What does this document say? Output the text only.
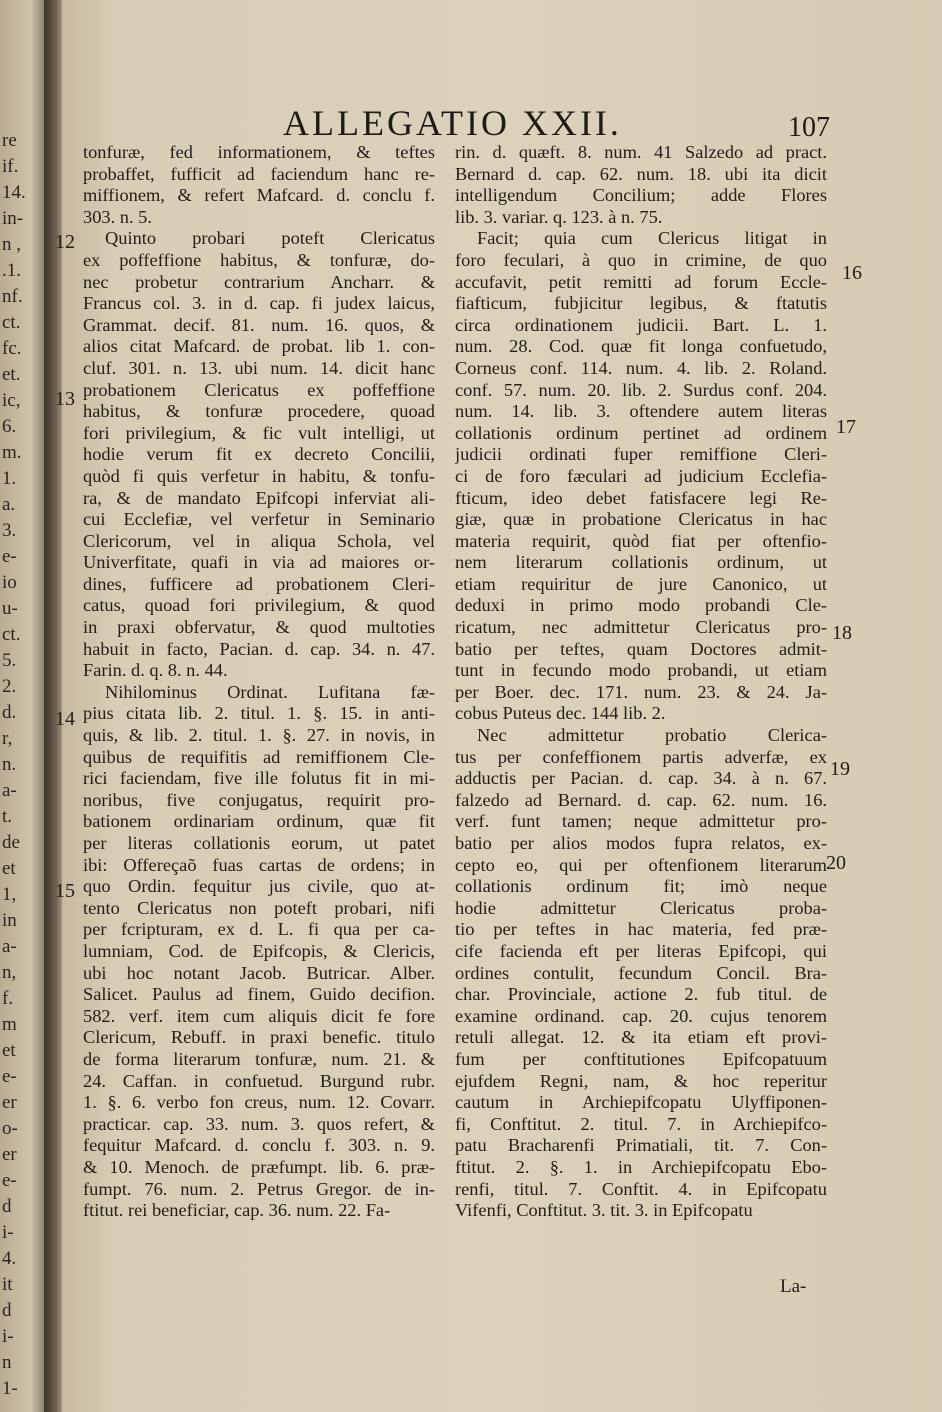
re
if.
14.
in-
n ,
.1.
nf.
ct.
fc.
et.
ic,
6.
m.
1.
a.
3.
e-
io
u-
ct.
5.
2.
d.
r,
n.
a-
t.
de
et
1,
in
a-
n,
f.
m
et
e-
er
o-
er
e-
d
i-
4.
it
d
i-
n
1-
ALLEGATIO XXII.	107
tonfuræ, fed informationem, & teftes
probaffet, fufficit ad faciendum hanc re-
miffionem, & refert Mafcard. d. conclu f.
303. n. 5.
Quinto probari poteft Clericatus
ex poffeffione habitus, & tonfuræ, do-
nec probetur contrarium Ancharr. &
Francus col. 3. in d. cap. fi judex laicus,
Grammat. decif. 81. num. 16. quos, &
alios citat Mafcard. de probat. lib 1. con-
cluf. 301. n. 13. ubi num. 14. dicit hanc
probationem Clericatus ex poffeffione
habitus, & tonfuræ procedere, quoad
fori privilegium, & fic vult intelligi, ut
hodie verum fit ex decreto Concilii,
quòd fi quis verfetur in habitu, & tonfu-
ra, & de mandato Epifcopi inferviat ali-
cui Ecclefiæ, vel verfetur in Seminario
Clericorum, vel in aliqua Schola, vel
Univerfitate, quafi in via ad maiores or-
dines, fufficere ad probationem Cleri-
catus, quoad fori privilegium, & quod
in praxi obfervatur, & quod multoties
habuit in facto, Pacian. d. cap. 34. n. 47.
Farin. d. q. 8. n. 44.
Nihilominus Ordinat. Lufitana fæ-
pius citata lib. 2. titul. 1. §. 15. in anti-
quis, & lib. 2. titul. 1. §. 27. in novis, in
quibus de requifitis ad remiffionem Cle-
rici faciendam, five ille folutus fit in mi-
noribus, five conjugatus, requirit pro-
bationem ordinariam ordinum, quæ fit
per literas collationis eorum, ut patet
ibi: Offereçaõ fuas cartas de ordens; in
quo Ordin. fequitur jus civile, quo at-
tento Clericatus non poteft probari, nifi
per fcripturam, ex d. L. fi qua per ca-
lumniam, Cod. de Epifcopis, & Clericis,
ubi hoc notant Jacob. Butricar. Alber.
Salicet. Paulus ad finem, Guido decifion.
582. verf. item cum aliquis dicit fe fore
Clericum, Rebuff. in praxi benefic. titulo
de forma literarum tonfuræ, num. 21. &
24. Caffan. in confuetud. Burgund rubr.
1. §. 6. verbo fon creus, num. 12. Covarr.
practicar. cap. 33. num. 3. quos refert, &
fequitur Mafcard. d. conclu f. 303. n. 9.
& 10. Menoch. de præfumpt. lib. 6. præ-
fumpt. 76. num. 2. Petrus Gregor. de in-
ftitut. rei beneficiar, cap. 36. num. 22. Fa-
rin. d. quæft. 8. num. 41 Salzedo ad pract.
Bernard d. cap. 62. num. 18. ubi ita dicit
intelligendum Concilium; adde Flores
lib. 3. variar. q. 123. à n. 75.
Facit; quia cum Clericus litigat in
foro feculari, à quo in crimine, de quo
accufavit, petit remitti ad forum Eccle-
fiafticum, fubjicitur legibus, & ftatutis
circa ordinationem judicii. Bart. L. 1.
num. 28. Cod. quæ fit longa confuetudo,
Corneus conf. 114. num. 4. lib. 2. Roland.
conf. 57. num. 20. lib. 2. Surdus conf. 204.
num. 14. lib. 3. oftendere autem literas
collationis ordinum pertinet ad ordinem
judicii ordinati fuper remiffione Cleri-
ci de foro fæculari ad judicium Ecclefia-
fticum, ideo debet fatisfacere legi Re-
giæ, quæ in probatione Clericatus in hac
materia requirit, quòd fiat per oftenfio-
nem literarum collationis ordinum, ut
etiam requiritur de jure Canonico, ut
deduxi in primo modo probandi Cle-
ricatum, nec admittetur Clericatus pro-
batio per teftes, quam Doctores admit-
tunt in fecundo modo probandi, ut etiam
per Boer. dec. 171. num. 23. & 24. Ja-
cobus Puteus dec. 144 lib. 2.
Nec admittetur probatio Clerica-
tus per confeffionem partis adverfæ, ex
adductis per Pacian. d. cap. 34. à n. 67.
falzedo ad Bernard. d. cap. 62. num. 16.
verf. funt tamen; neque admittetur pro-
batio per alios modos fupra relatos, ex-
cepto eo, qui per oftenfionem literarum
collationis ordinum fit; imò neque
hodie admittetur Clericatus proba-
tio per teftes in hac materia, fed præ-
cife facienda eft per literas Epifcopi, qui
ordines contulit, fecundum Concil. Bra-
char. Provinciale, actione 2. fub titul. de
examine ordinand. cap. 20. cujus tenorem
retuli allegat. 12. & ita etiam eft provi-
fum per conftitutiones Epifcopatuum
ejufdem Regni, nam, & hoc reperitur
cautum in Archiepifcopatu Ulyffiponen-
fi, Conftitut. 2. titul. 7. in Archiepifco-
patu Bracharenfi Primatiali, tit. 7. Con-
ftitut. 2. §. 1. in Archiepifcopatu Ebo-
renfi, titul. 7. Conftit. 4. in Epifcopatu
Vifenfi, Conftitut. 3. tit. 3. in Epifcopatu
12
13
14
15
16
17
18
19
20
La-
